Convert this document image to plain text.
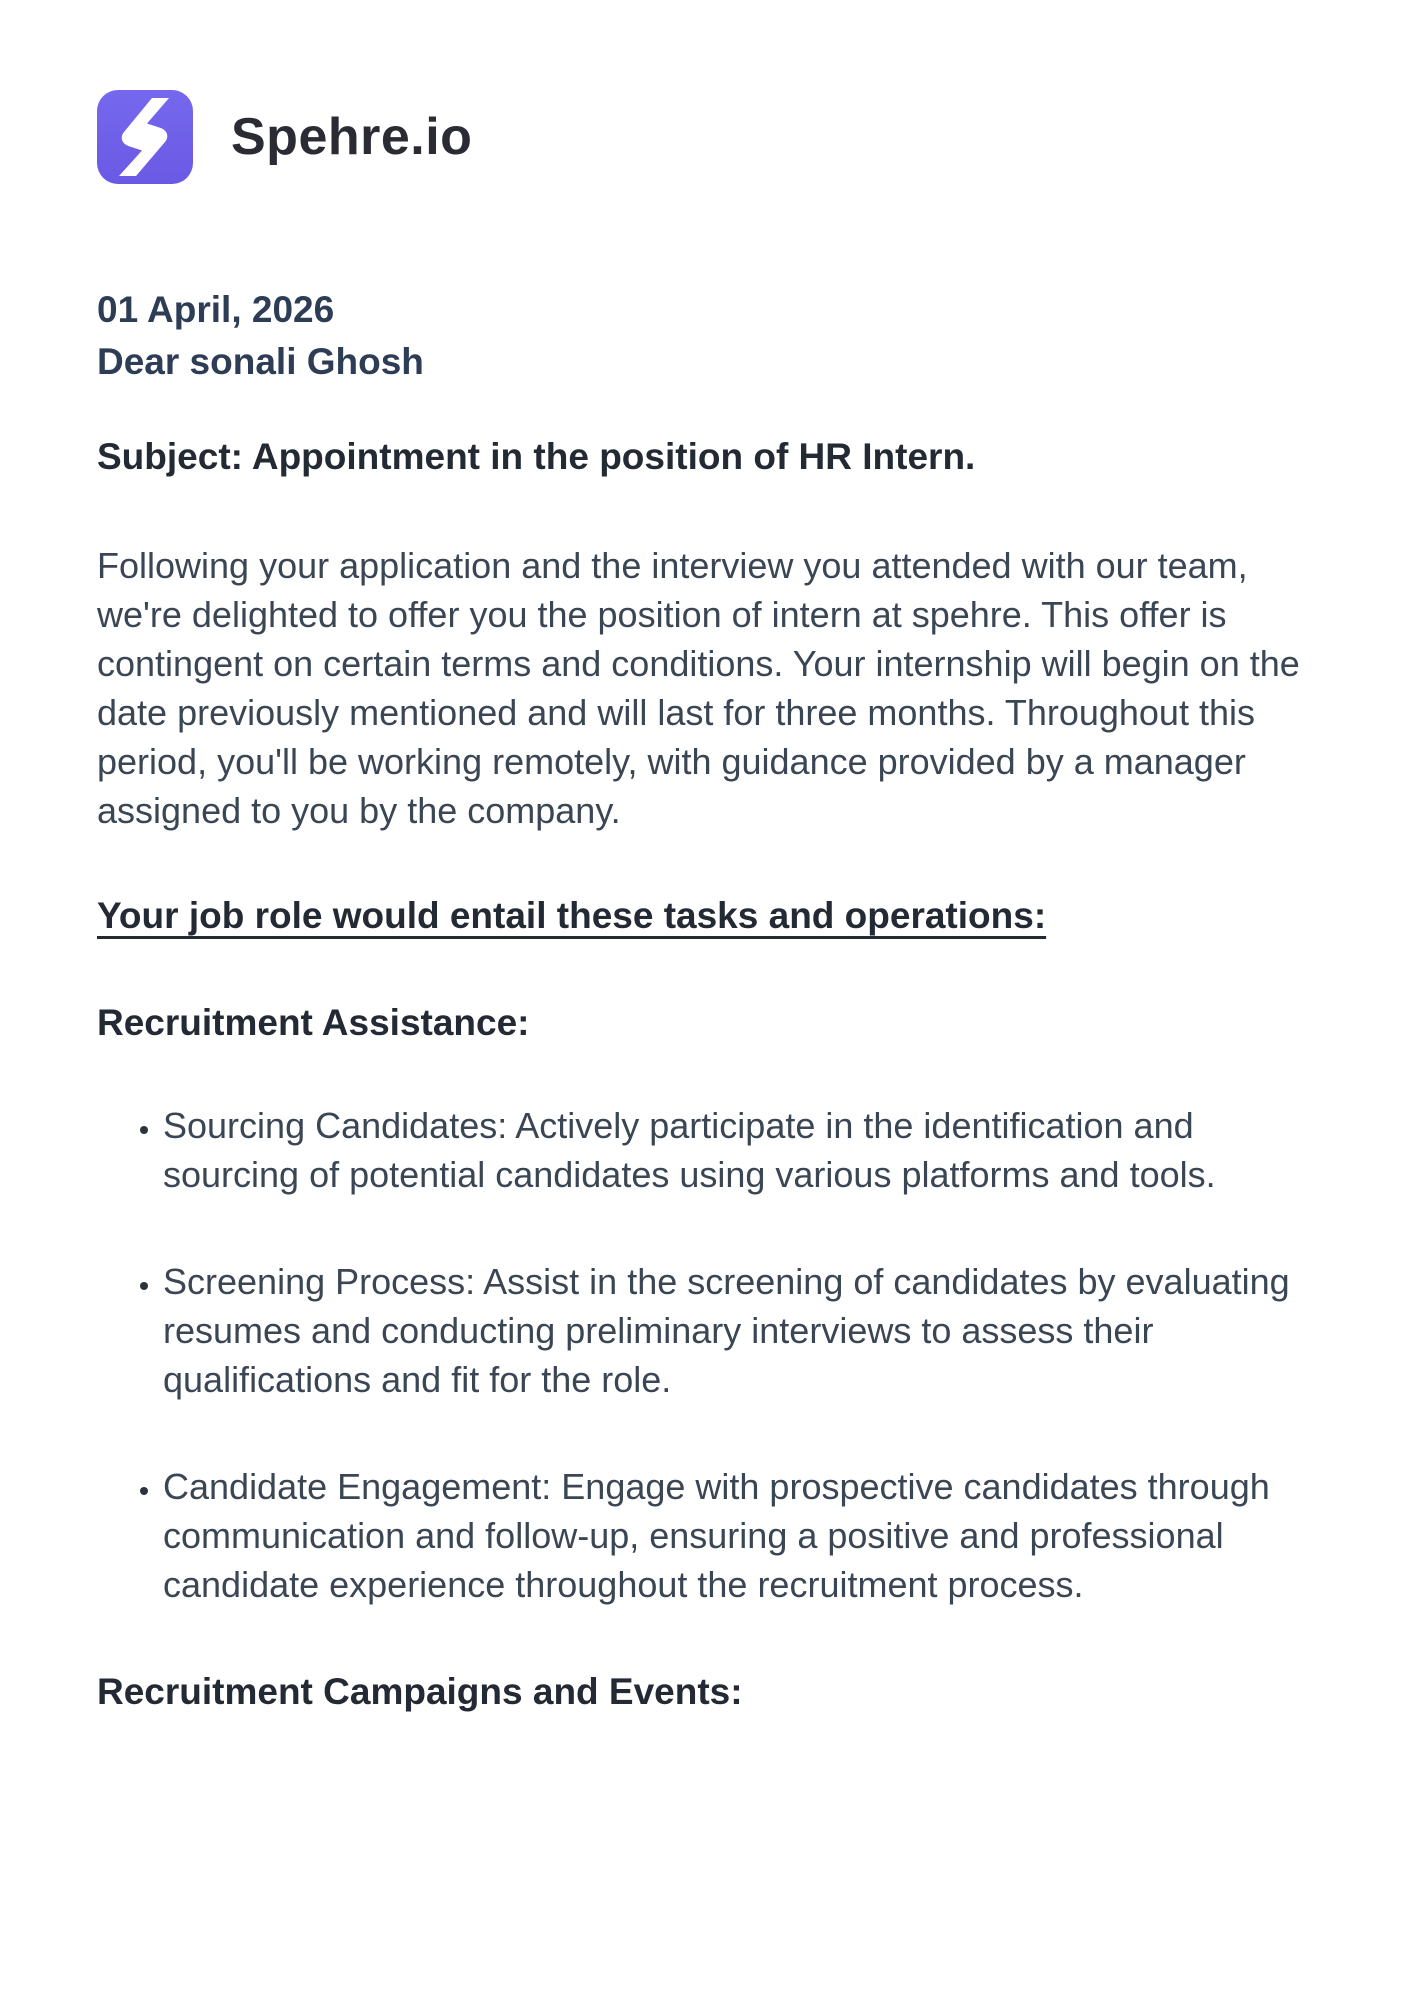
Spehre.io

01 April, 2026
Dear sonali Ghosh

Subject: Appointment in the position of HR Intern.

Following your application and the interview you attended with our team, we're delighted to offer you the position of intern at spehre. This offer is contingent on certain terms and conditions. Your internship will begin on the date previously mentioned and will last for three months. Throughout this period, you'll be working remotely, with guidance provided by a manager assigned to you by the company.

Your job role would entail these tasks and operations:

Recruitment Assistance:
• Sourcing Candidates: Actively participate in the identification and sourcing of potential candidates using various platforms and tools.
• Screening Process: Assist in the screening of candidates by evaluating resumes and conducting preliminary interviews to assess their qualifications and fit for the role.
• Candidate Engagement: Engage with prospective candidates through communication and follow-up, ensuring a positive and professional candidate experience throughout the recruitment process.
Recruitment Campaigns and Events:
